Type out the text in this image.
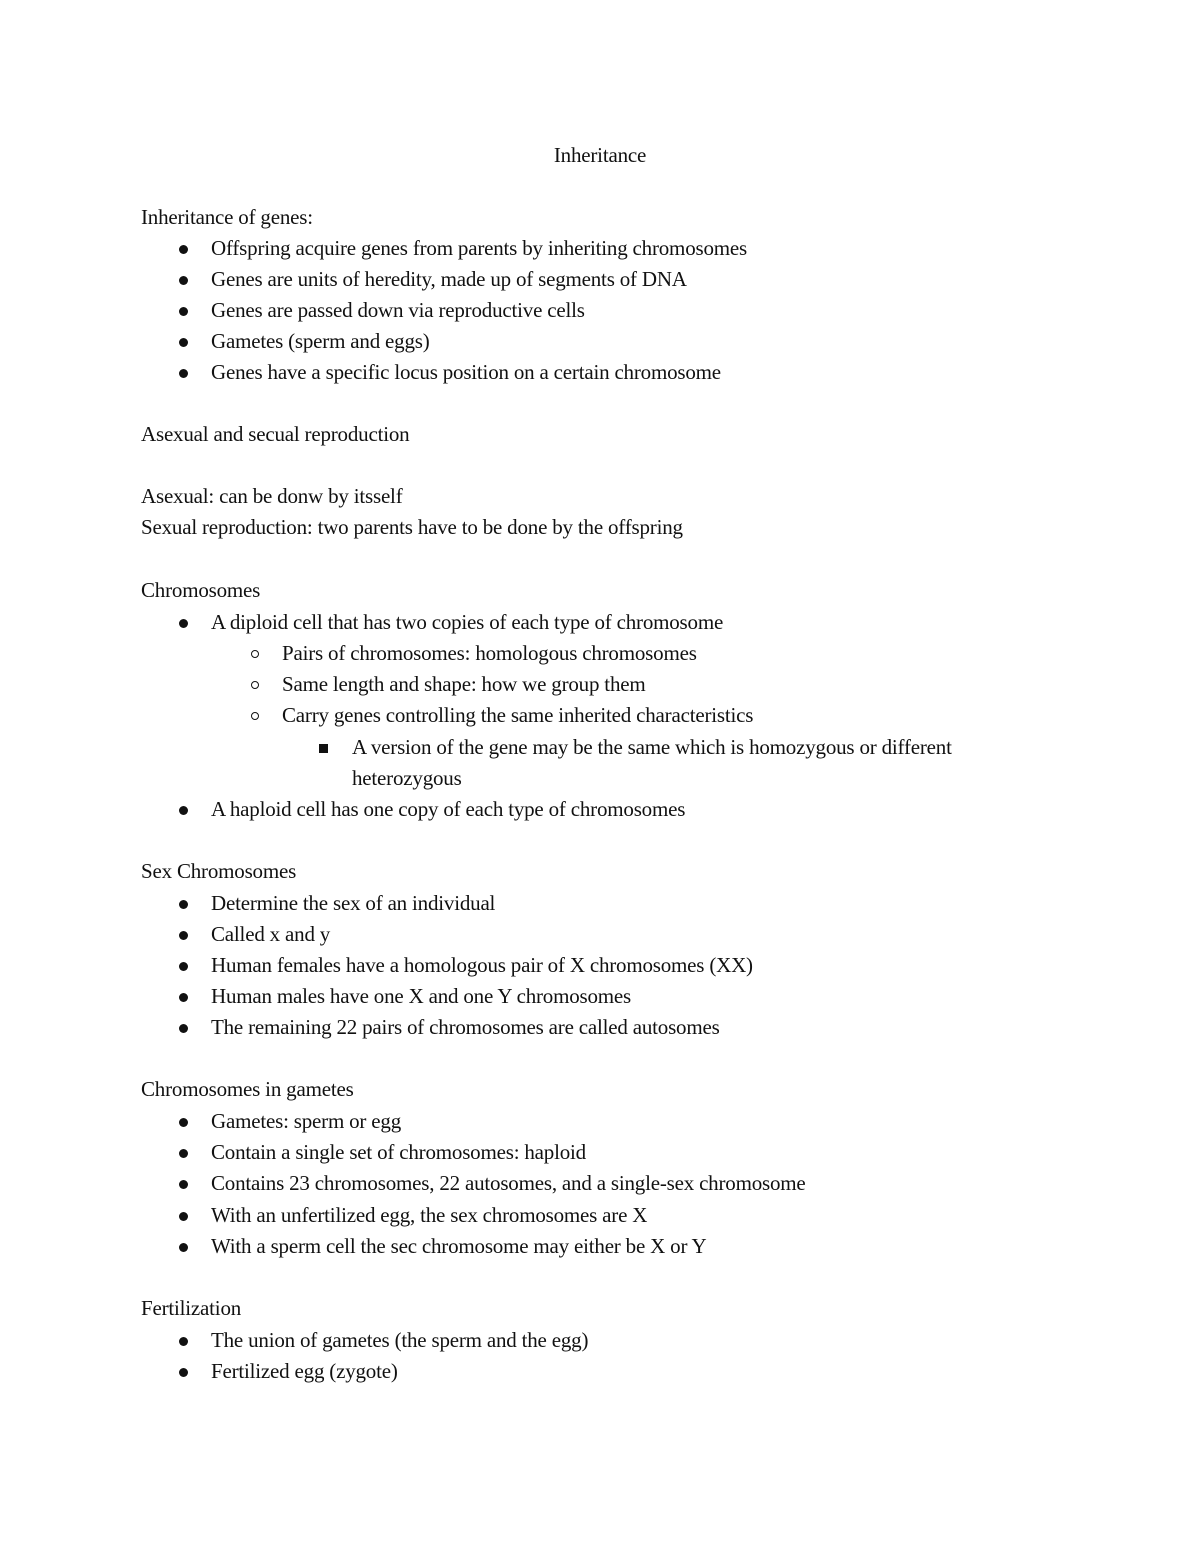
Inheritance
Inheritance of genes:
Offspring acquire genes from parents by inheriting chromosomes
Genes are units of heredity, made up of segments of DNA
Genes are passed down via reproductive cells
Gametes (sperm and eggs)
Genes have a specific locus position on a certain chromosome
Asexual and secual reproduction
Asexual: can be donw by itsself
Sexual reproduction: two parents have to be done by the offspring
Chromosomes
A diploid cell that has two copies of each type of chromosome
Pairs of chromosomes: homologous chromosomes
Same length and shape: how we group them
Carry genes controlling the same inherited characteristics
A version of the gene may be the same which is homozygous or different
heterozygous
A haploid cell has one copy of each type of chromosomes
Sex Chromosomes
Determine the sex of an individual
Called x and y
Human females have a homologous pair of X chromosomes (XX)
Human males have one X and one Y chromosomes
The remaining 22 pairs of chromosomes are called autosomes
Chromosomes in gametes
Gametes: sperm or egg
Contain a single set of chromosomes: haploid
Contains 23 chromosomes, 22 autosomes, and a single-sex chromosome
With an unfertilized egg, the sex chromosomes are X
With a sperm cell the sec chromosome may either be X or Y
Fertilization
The union of gametes (the sperm and the egg)
Fertilized egg (zygote)
